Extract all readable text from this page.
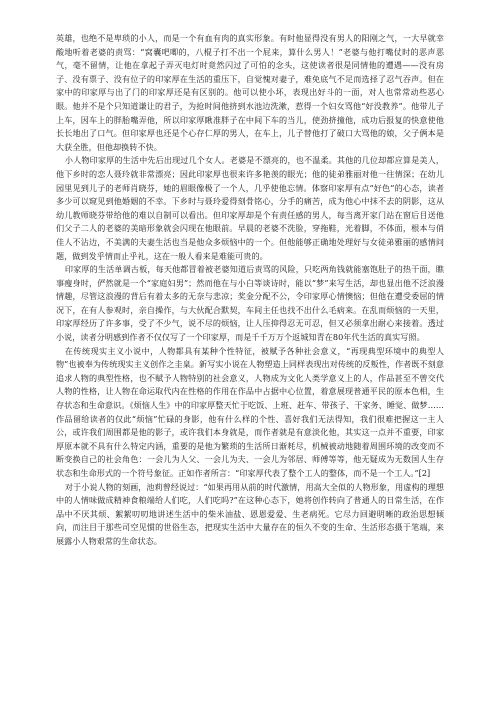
英雄，也绝不是卑琐的小人，而是一个有血有肉的真实形象。有时他显得没有男人的阳刚之气，一大早就幸酸地听着老婆的责骂：“窝囊吧唧的，八棍子打不出一个屁来，算什么男人！”老婆与他打嘴仗时的恶声恶气，毫不留情，让他在拿起子弄灭电灯时竟然闪过了可怕的念头，这使读者很是同情他的遭遇——没有房子、没有票子、没有位子的印家厚在生活的重压下，自觉愧对妻子，难免底气不足而选择了忍气吞声。但在家中的印家厚与出了门的印家厚还是有区别的。他可以使小坏，表现出好斗的一面，对人也常常动些恶心眼。他并不是个只知道谦让的君子，为抢时间他挤到水池边洗漱，惹得一个妇女骂他“好没教养”。他带儿子上车，因车上的胖胎嘴弄他，所以印家厚瞅准胖子在中间下车的当儿，使劲挤撞他，成功后报复的快意使他长长地出了口气。但印家厚也还是个心存仁厚的男人，在车上，儿子替他打了破口大骂他的娘，父子俩本是大获全胜，但他却换转不快。

小人物印家厚的生活中先后出现过几个女人。老婆是不漂亮的，也不温柔。其他的几位却都应算是美人，他下乡时的恋人聂玲就非常漂亮；因此印家厚也很来许多艳羡的眼光；他的徒弟雅丽对他一往情深；在幼儿园里见到儿子的老师肖晓芬，她的眉眼像极了一个人，几乎使他忘情。体察印家厚有点“好色”的心态，读者多少可以窥见到他婚姻的不幸。下乡时与聂玲爱得刻骨铭心，分手的痛苦，成为他心中抹不去的阴影，这从幼儿教师晓芬带给他的难以自制可以看出。但印家厚却是个有责任感的男人，每当离开家门站在窗后目送他们父子二人的老婆的美暗形象就会闪现在他眼前。早晨的老婆不洗脸，穿拖鞋，光着脚，不体面，根本与俏佳人不沾边，不美满的夫妻生活也当是他众多烦恼中的一个。但他能够正确地处理好与女徒弟雅丽的感情问题，做到发乎情而止乎礼，这在一般人看来是难能可贵的。

印家厚的生活单调古板，每天他都冒着被老婆知道后责骂的风险，只吃两角钱就能塞饱肚子的热干面，瞧事瘦身时，俨然就是一个“家庭妇男”；然而他在与小白等谈诗时，能以“梦”来写生活，却也显出他不泛浪漫情趣，尽管这浪漫的背后有着太多的无奈与悲凉；奖金分配不公，令印家厚心情懊恼；但他在遭受委屈的情况下，在有人参观时，亲自操作，与大伙配合默契，车间主任也找不出什么毛病来。在乱而烦恼的一天里，印家厚经历了许多事，受了不少气，说不尽的烦恼，让人压抑得忍无可忍，但又必须拿出耐心来接着。透过小说，读者分明感到作者不仅仅写了一个印家厚，而是千千万万个返城知青在80年代生活的真实写照。

在传统现实主义小说中，人物都具有某种个性特征，被赋予各种社会意义，“再现典型环境中的典型人物”也被奉为传统现实主义创作之圭臬。新写实小说在人物塑造上同样表现出对传统的反叛性，作者既不刻意追求人物的典型性格，也不赋予人物特别的社会意义，人物成为文化人类学意义上的人，作品甚至不曾交代人物的性格，让人物在命运取代内在性格的作用在作品中占据中心位置，着意展现普通平民的原本色相，生存状态和生命意识。《烦恼人生》中的印家厚整天忙于吃饭、上班、赶车、带孩子、干家务、睡觉、做梦……作品留给读者的仅此“烦恼”忙碌的身影，他有什么样的个性、喜好我们无法得知，我们很难把握这一主人公，或许我们周围都是他的影子，或许我们本身就是，而作者就是有意淡化他，其实这一点并不重要，印家厚原本就不具有什么特定内涵，重要的是他为繁琐的生活所日渐耗尽，机械被动地随着周围环境的改变而不断变换自己的社会角色：一会儿为人父、一会儿为夫、一会儿为邻居、师傅等等，他无疑成为无数国人生存状态和生命形式的一个符号象征。正如作者所言：“印家厚代表了整个工人的整体，而不是一个工人。”[2]

对于小说人物的刻画，池莉曾经说过：“如果再用从前的时代激情，用高大全似的人物形象，用虚构的理想中的人情味做成精神食粮端给人们吃，人们吃吗?”在这种心态下，她将创作转向了普通人的日常生活，在作品中不厌其烦、絮絮叨叨地讲述生活中的柴米油盐、恩恩爱爱、生老病死。它尽力回避明晰的政治思想倾向，而注目于那些司空见惯的世俗生态，把现实生活中大量存在的恒久不变的生命、生活形态摄于笔端，来展露小人物艰常的生命状态。
